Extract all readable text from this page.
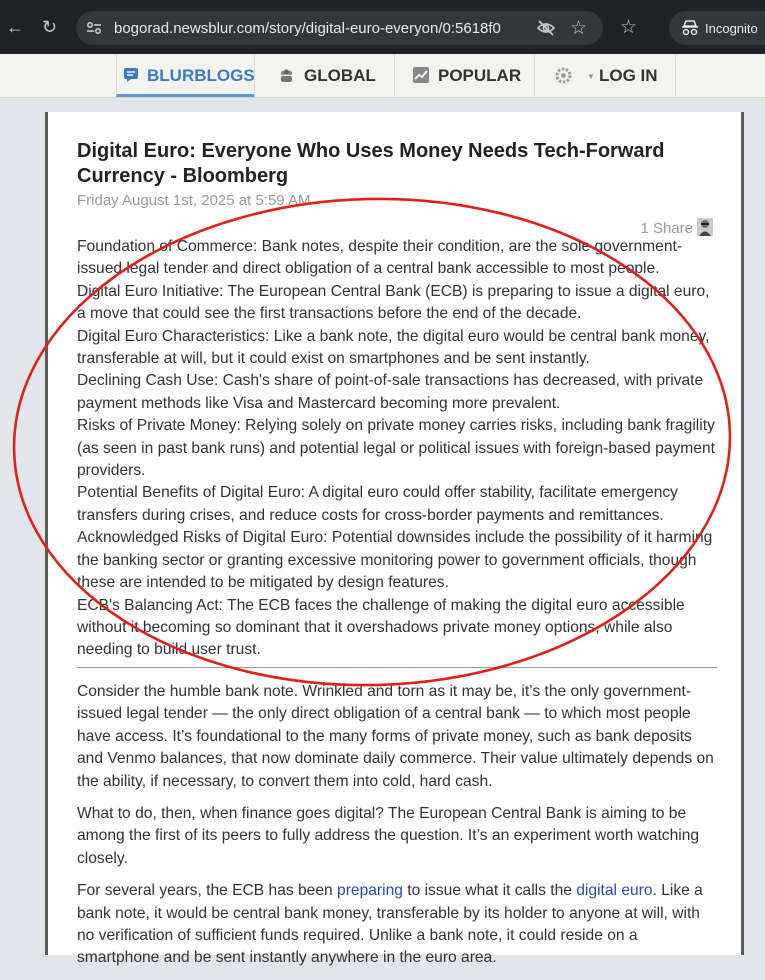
← ↻	bogorad.newsblur.com/story/digital-euro-everyon/0:5618f0	☆ ☆	Incognito
BLURBLOGS	GLOBAL	POPULAR	▼ LOG IN
Digital Euro: Everyone Who Uses Money Needs Tech-Forward Currency - Bloomberg
Friday August 1st, 2025 at 5:59 AM
1 Share

Foundation of Commerce: Bank notes, despite their condition, are the sole government-issued legal tender and direct obligation of a central bank accessible to most people.

Digital Euro Initiative: The European Central Bank (ECB) is preparing to issue a digital euro, a move that could see the first transactions before the end of the decade.

Digital Euro Characteristics: Like a bank note, the digital euro would be central bank money, transferable at will, but it could exist on smartphones and be sent instantly.

Declining Cash Use: Cash's share of point-of-sale transactions has decreased, with private payment methods like Visa and Mastercard becoming more prevalent.

Risks of Private Money: Relying solely on private money carries risks, including bank fragility (as seen in past bank runs) and potential legal or political issues with foreign-based payment providers.

Potential Benefits of Digital Euro: A digital euro could offer stability, facilitate emergency transfers during crises, and reduce costs for cross-border payments and remittances.

Acknowledged Risks of Digital Euro: Potential downsides include the possibility of it harming the banking sector or granting excessive monitoring power to government officials, though these are intended to be mitigated by design features.

ECB's Balancing Act: The ECB faces the challenge of making the digital euro accessible without it becoming so dominant that it overshadows private money options, while also needing to build user trust.

Consider the humble bank note. Wrinkled and torn as it may be, it’s the only government-issued legal tender — the only direct obligation of a central bank — to which most people have access. It’s foundational to the many forms of private money, such as bank deposits and Venmo balances, that now dominate daily commerce. Their value ultimately depends on the ability, if necessary, to convert them into cold, hard cash.

What to do, then, when finance goes digital? The European Central Bank is aiming to be among the first of its peers to fully address the question. It’s an experiment worth watching closely.

For several years, the ECB has been preparing to issue what it calls the digital euro. Like a bank note, it would be central bank money, transferable by its holder to anyone at will, with no verification of sufficient funds required. Unlike a bank note, it could reside on a smartphone and be sent instantly anywhere in the euro area.
